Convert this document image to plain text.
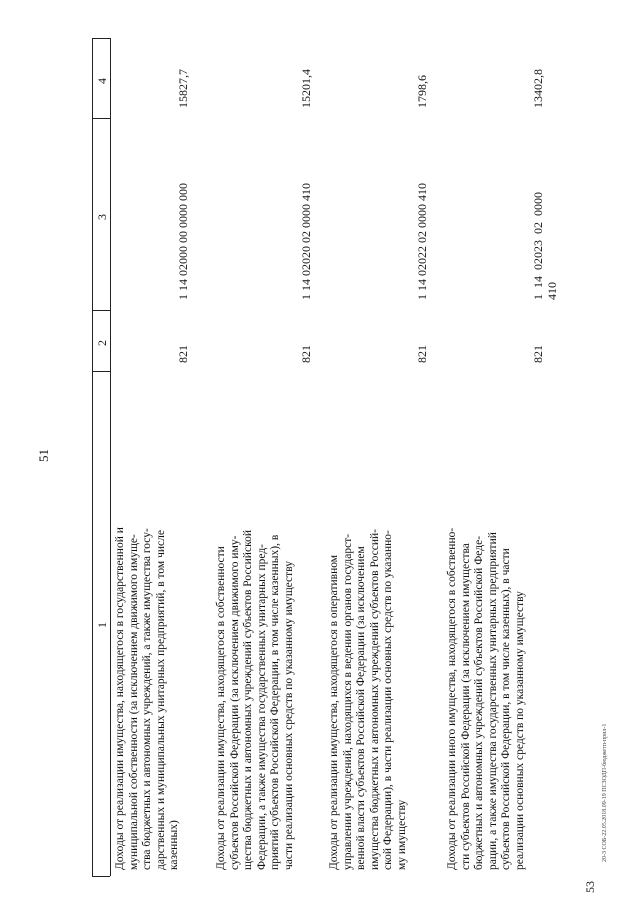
51
53
20-3 СОБ-22.05.2018.09-19 ПСЗОДП-бюджетп-прил-1
4
3
2
1 Доходы от реализации имущества, находящегося в государственной и муниципальной собственности (за исключением движимого имуще- ства бюджетных и автономных учреждений, а также имущества госу- дарственных и муниципальных унитарных предприятий, в том числе казенных)

821
1 14 02000 00 0000 000
15827,7

Доходы от реализации имущества, находящегося в собственности субъектов Российской Федерации (за исключением движимого иму- щества бюджетных и автономных учреждений субъектов Российской Федерации, а также имущества государственных унитарных пред- приятий субъектов Российской Федерации, в том числе казенных), в части реализации основных средств по указанному имуществу

821
1 14 02020 02 0000 410
15201,4

Доходы от реализации имущества, находящегося в оперативном управлении учреждений, находящихся в ведении органов государст- венной власти субъектов Российской Федерации (за исключением имущества бюджетных и автономных учреждений субъектов Россий- ской Федерации), в части реализации основных средств по указанно- му имуществу

821
1 14 02022 02 0000 410
1798,6

Доходы от реализации иного имущества, находящегося в собственно- сти субъектов Российской Федерации (за исключением имущества бюджетных и автономных учреждений субъектов Российской Феде- рации, а также имущества государственных унитарных предприятий субъектов Российской Федерации, в том числе казенных), в части реализации основных средств по указанному имуществу

821
1 14 02023 02 0000 410
13402,8
